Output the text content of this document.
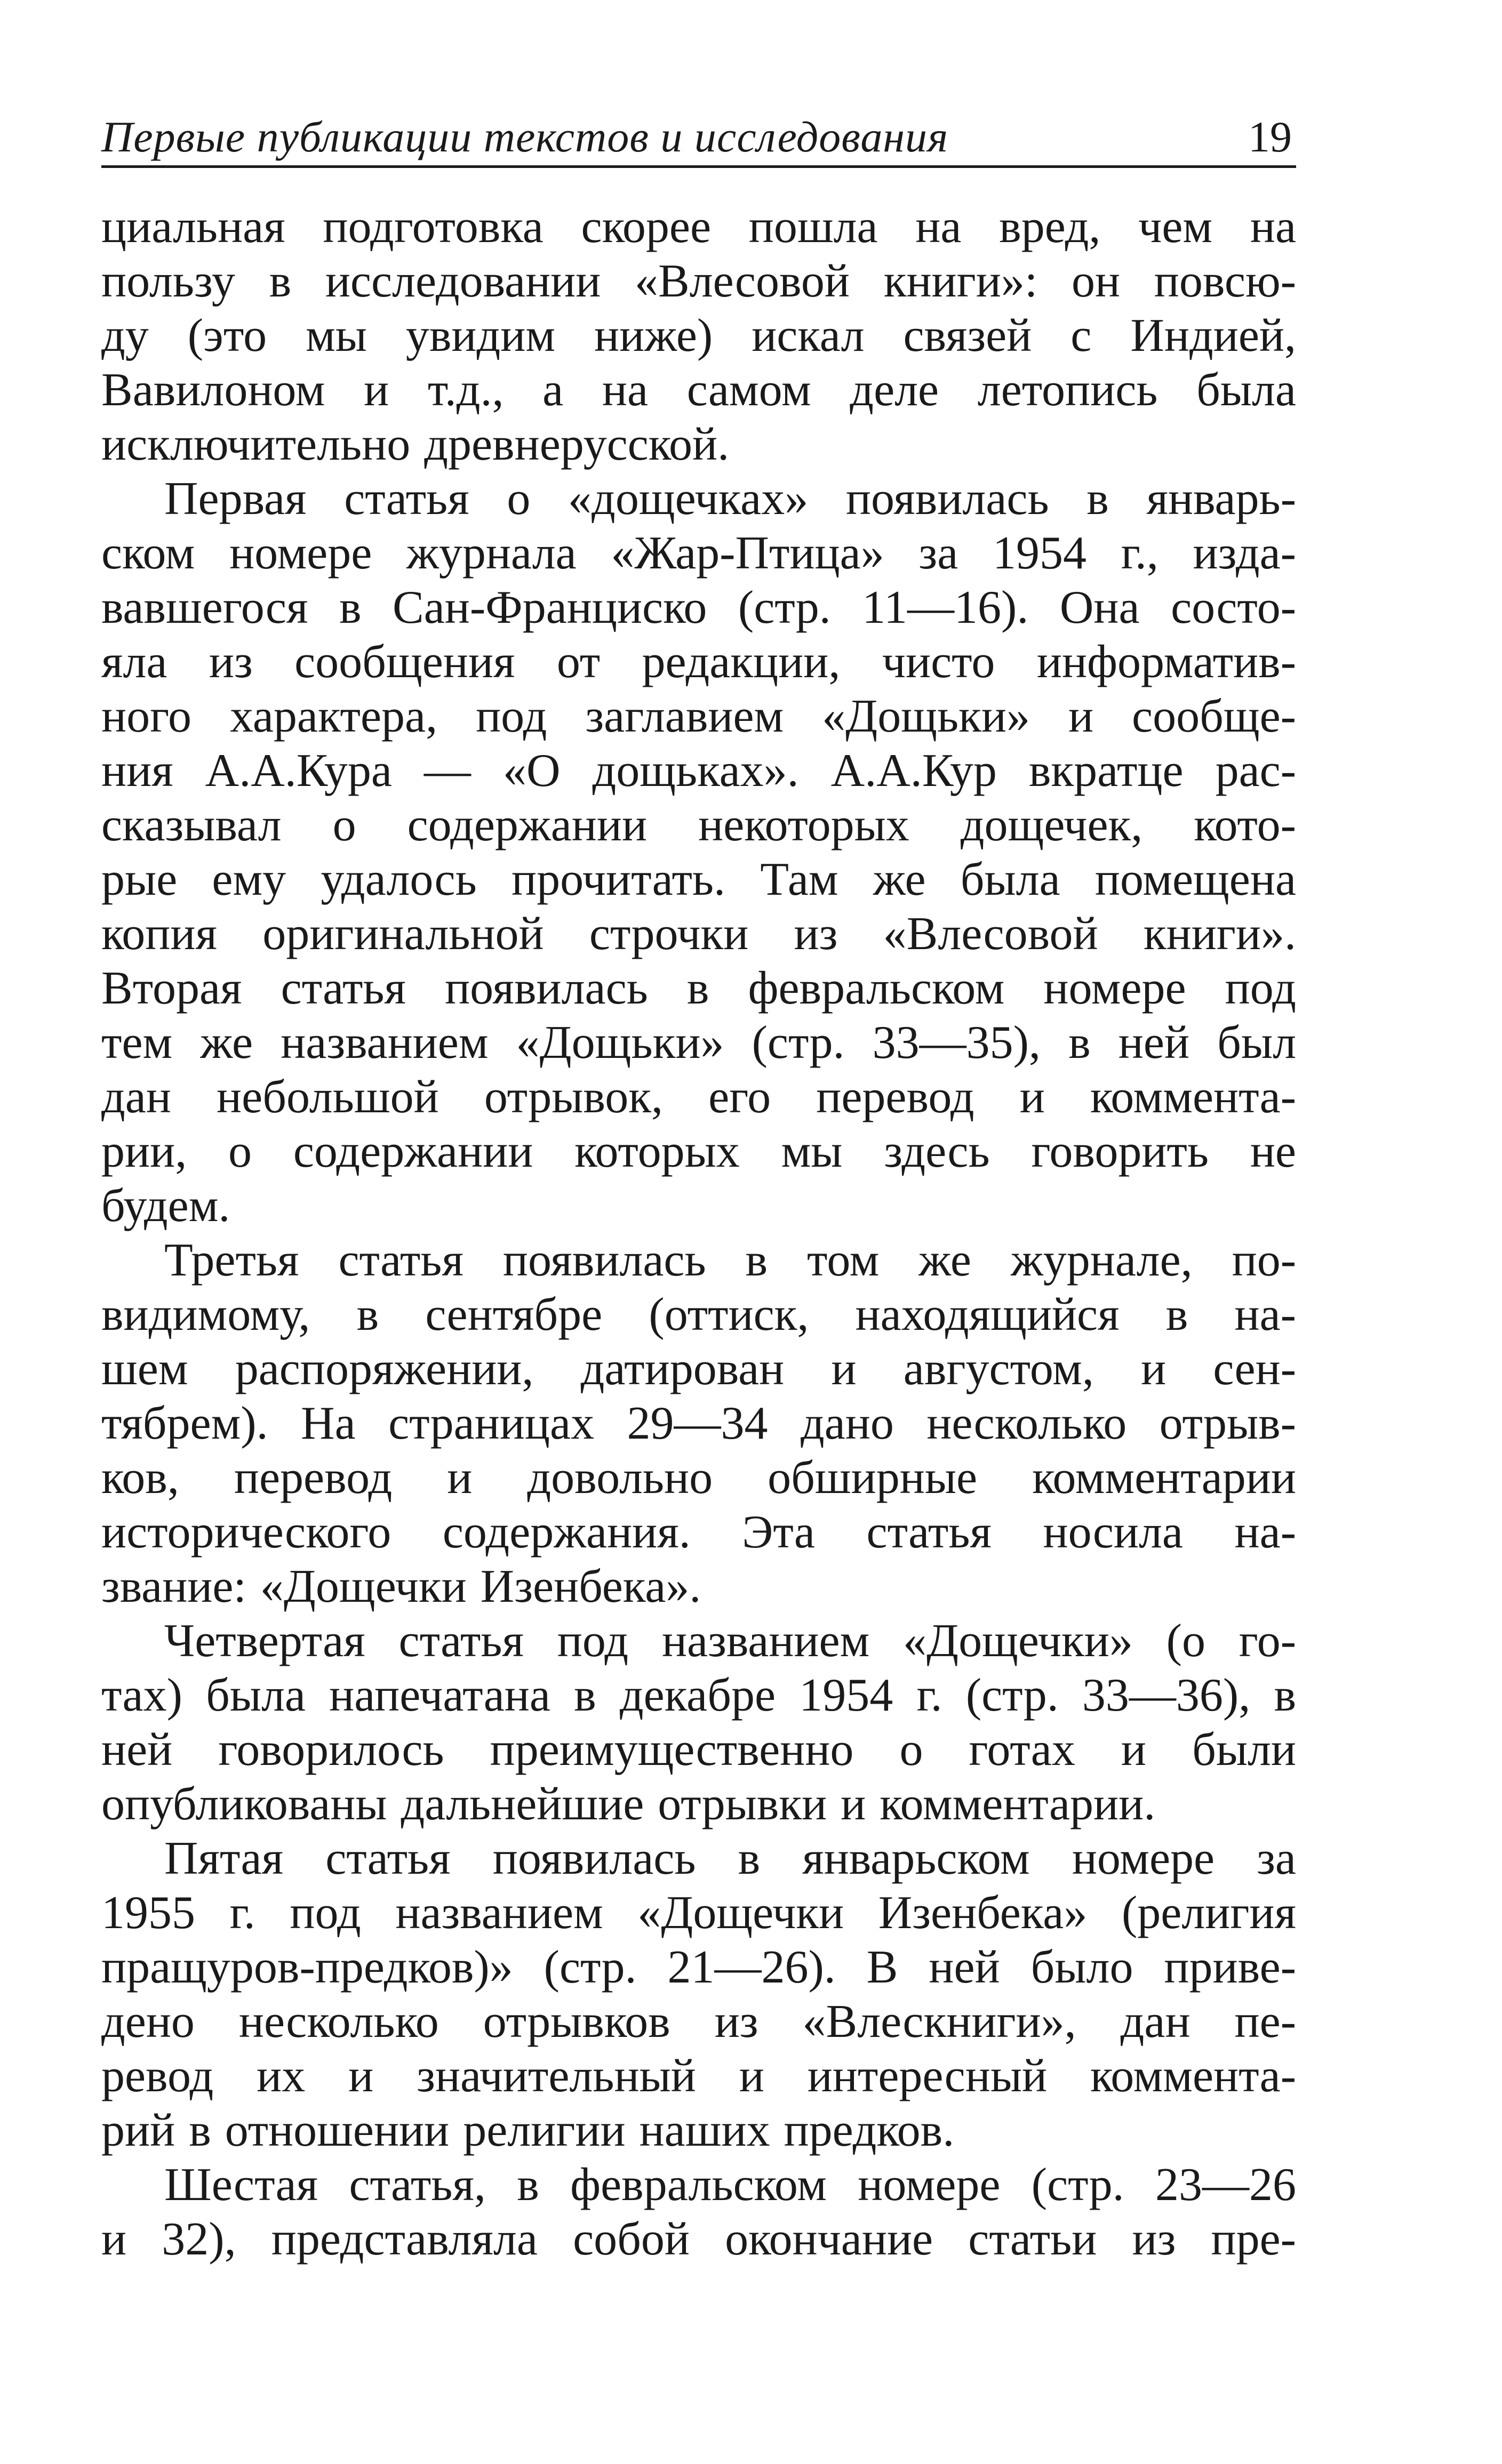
Первые публикации текстов и исследования	19
циальная подготовка скорее пошла на вред, чем на
пользу в исследовании «Влесовой книги»: он повсю-
ду (это мы увидим ниже) искал связей с Индией,
Вавилоном и т.д., а на самом деле летопись была
исключительно древнерусской.
Первая статья о «дощечках» появилась в январь-
ском номере журнала «Жар-Птица» за 1954 г., изда-
вавшегося в Сан-Франциско (стр. 11—16). Она состо-
яла из сообщения от редакции, чисто информатив-
ного характера, под заглавием «Дощьки» и сообще-
ния А.А.Кура — «О дощьках». А.А.Кур вкратце рас-
сказывал о содержании некоторых дощечек, кото-
рые ему удалось прочитать. Там же была помещена
копия оригинальной строчки из «Влесовой книги».
Вторая статья появилась в февральском номере под
тем же названием «Дощьки» (стр. 33—35), в ней был
дан небольшой отрывок, его перевод и коммента-
рии, о содержании которых мы здесь говорить не
будем.
Третья статья появилась в том же журнале, по-
видимому, в сентябре (оттиск, находящийся в на-
шем распоряжении, датирован и августом, и сен-
тябрем). На страницах 29—34 дано несколько отрыв-
ков, перевод и довольно обширные комментарии
исторического содержания. Эта статья носила на-
звание: «Дощечки Изенбека».
Четвертая статья под названием «Дощечки» (о го-
тах) была напечатана в декабре 1954 г. (стр. 33—36), в
ней говорилось преимущественно о готах и были
опубликованы дальнейшие отрывки и комментарии.
Пятая статья появилась в январьском номере за
1955 г. под названием «Дощечки Изенбека» (религия
пращуров-предков)» (стр. 21—26). В ней было приве-
дено несколько отрывков из «Влескниги», дан пе-
ревод их и значительный и интересный коммента-
рий в отношении религии наших предков.
Шестая статья, в февральском номере (стр. 23—26
и 32), представляла собой окончание статьи из пре-
